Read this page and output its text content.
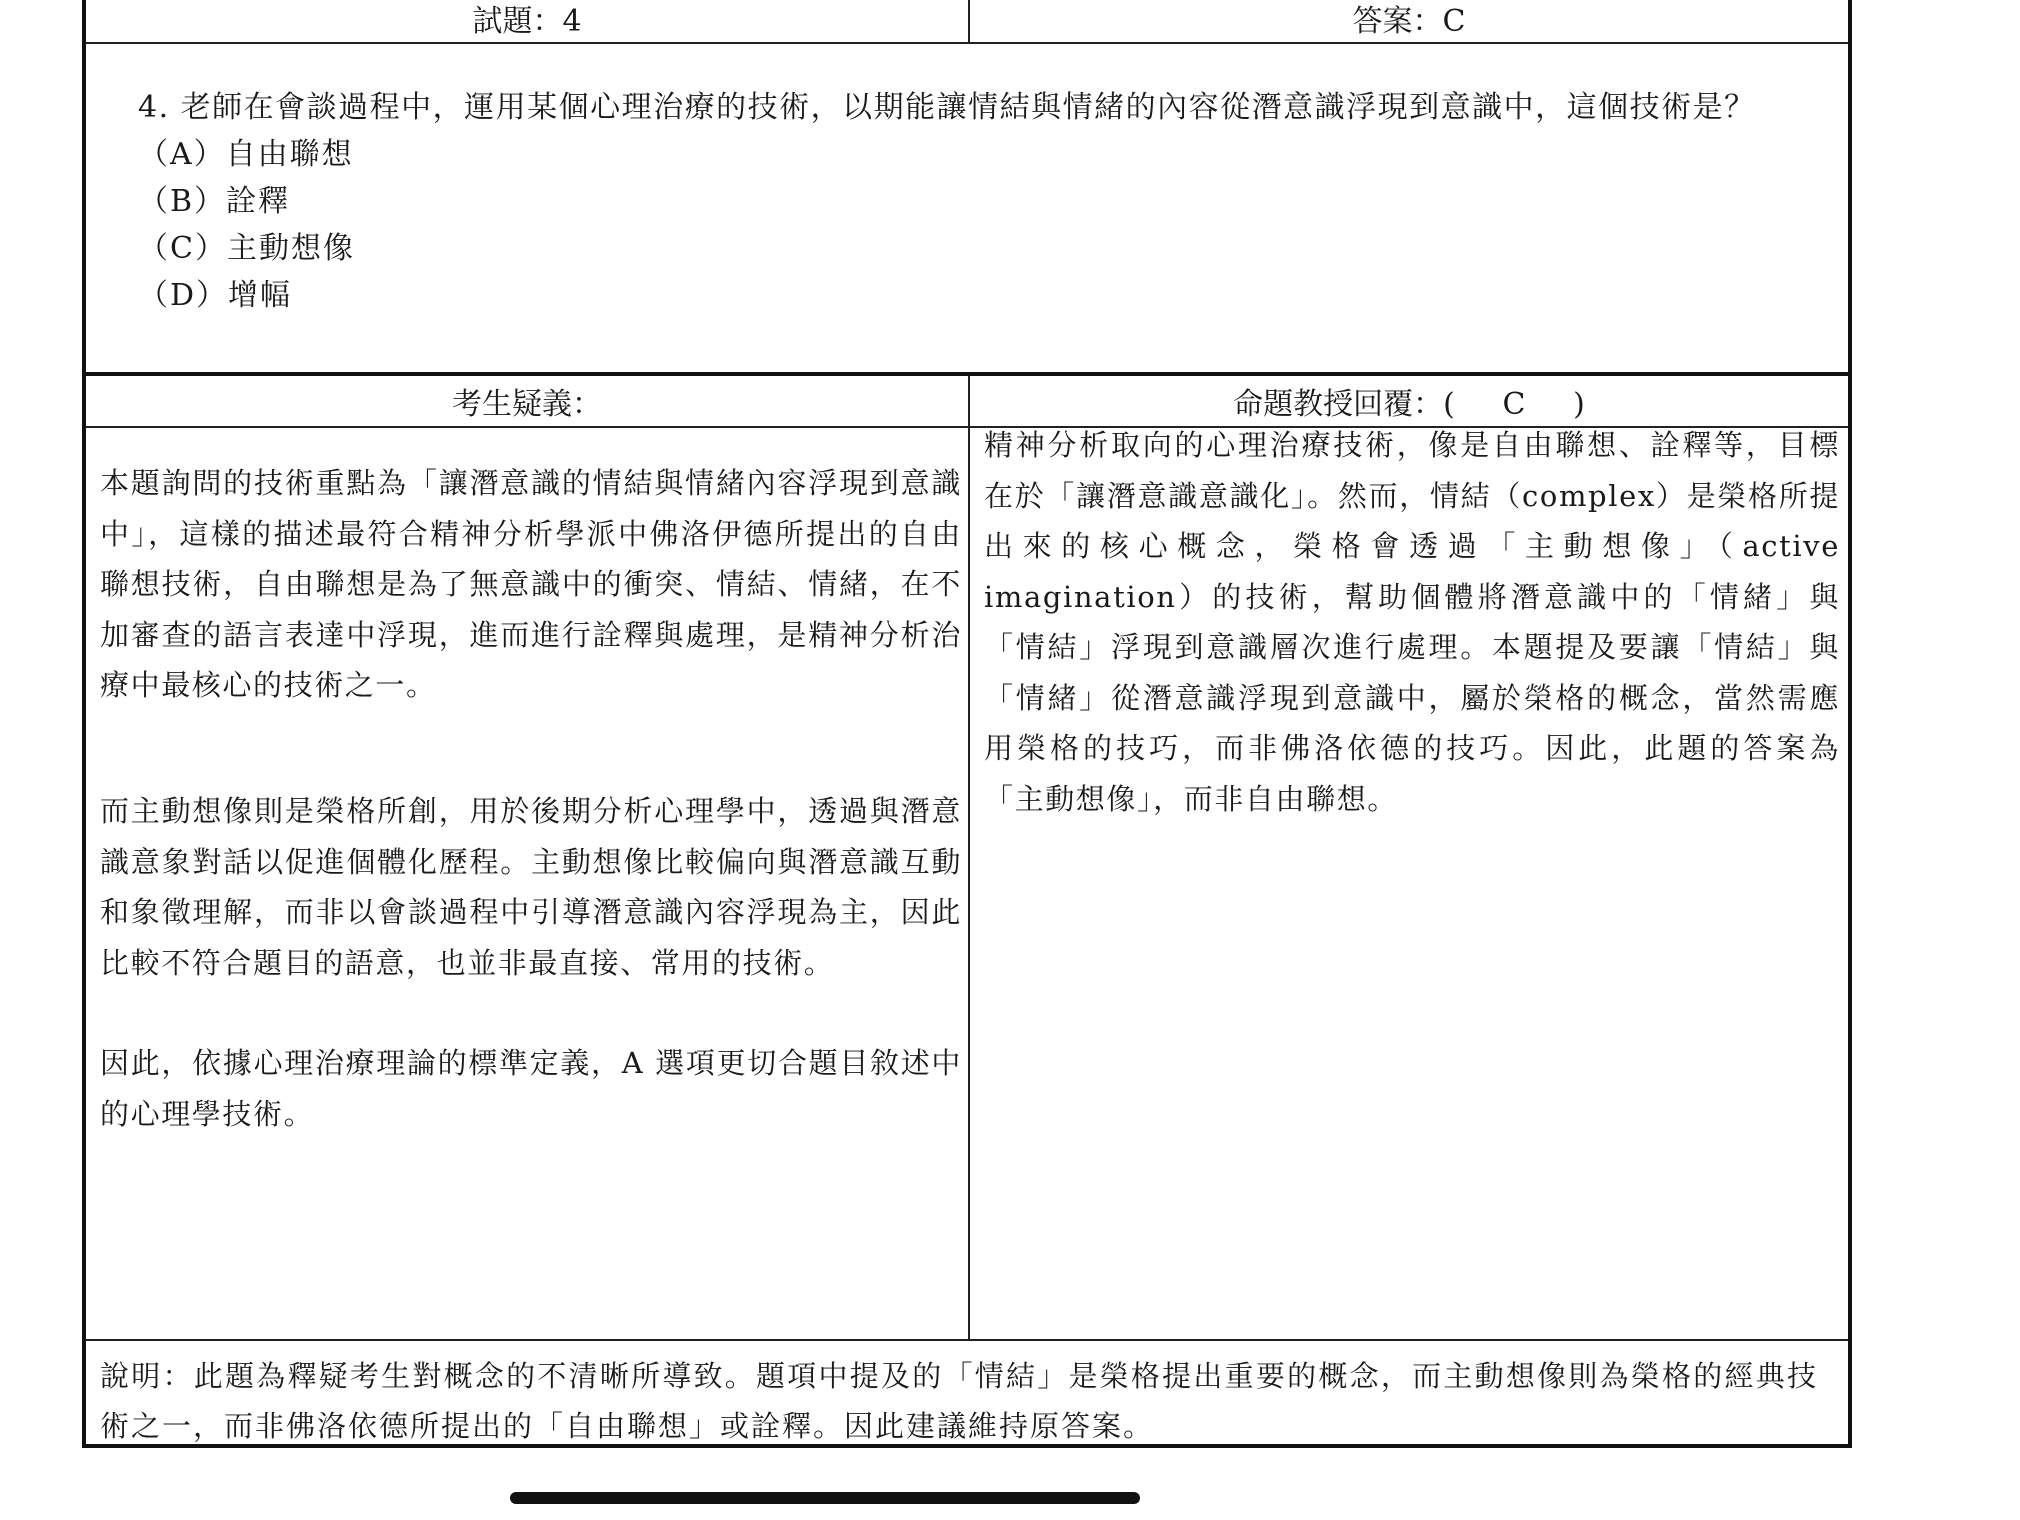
試題：4	答案：C
4. 老師在會談過程中，運用某個心理治療的技術，以期能讓情結與情緒的內容從潛意識浮現到意識中，這個技術是？
（A）自由聯想
（B）詮釋
（C）主動想像
（D）增幅
考生疑義：	命題教授回覆：(     C     )
本題詢問的技術重點為「讓潛意識的情結與情緒內容浮現到意識中」，這樣的描述最符合精神分析學派中佛洛伊德所提出的自由聯想技術，自由聯想是為了無意識中的衝突、情結、情緒，在不加審查的語言表達中浮現，進而進行詮釋與處理，是精神分析治療中最核心的技術之一。
而主動想像則是榮格所創，用於後期分析心理學中，透過與潛意識意象對話以促進個體化歷程。主動想像比較偏向與潛意識互動和象徵理解，而非以會談過程中引導潛意識內容浮現為主，因此比較不符合題目的語意，也並非最直接、常用的技術。
因此，依據心理治療理論的標準定義，A 選項更切合題目敘述中的心理學技術。
精神分析取向的心理治療技術，像是自由聯想、詮釋等，目標在於「讓潛意識意識化」。然而，情結（complex）是榮格所提出來的核心概念，榮格會透過「主動想像」（active imagination）的技術，幫助個體將潛意識中的「情緒」與「情結」浮現到意識層次進行處理。本題提及要讓「情結」與「情緒」從潛意識浮現到意識中，屬於榮格的概念，當然需應用榮格的技巧，而非佛洛依德的技巧。因此，此題的答案為「主動想像」，而非自由聯想。
說明：此題為釋疑考生對概念的不清晰所導致。題項中提及的「情結」是榮格提出重要的概念，而主動想像則為榮格的經典技術之一，而非佛洛依德所提出的「自由聯想」或詮釋。因此建議維持原答案。
